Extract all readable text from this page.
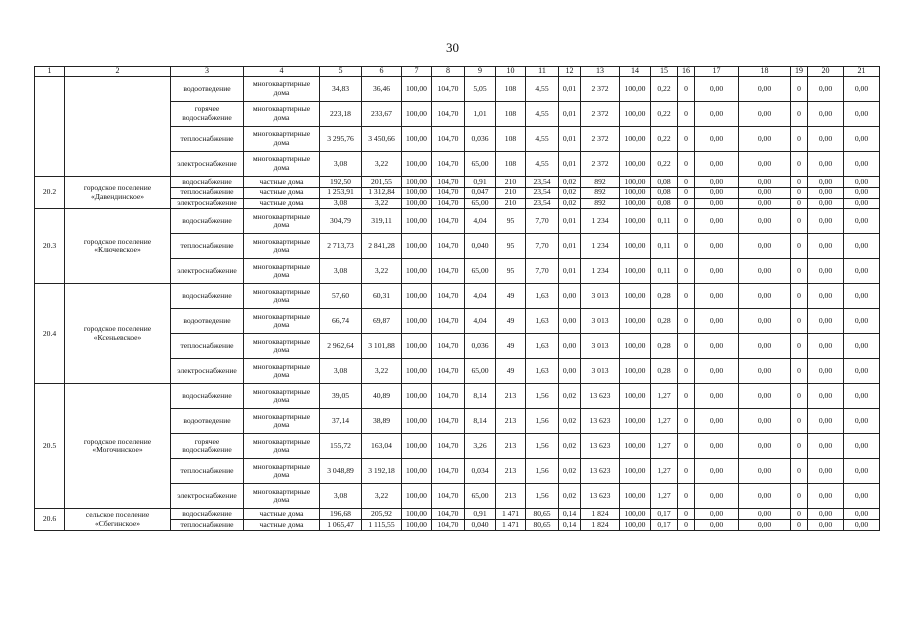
30
1	2	3	4	5	6	7	8	9	10	11	12	13	14	15	16	17	18	19	20	21
		водоотведение	многоквартирные дома	34,83	36,46	100,00	104,70	5,05	108	4,55	0,01	2 372	100,00	0,22	0	0,00	0,00	0	0,00	0,00
		горячее водоснабжение	многоквартирные дома	223,18	233,67	100,00	104,70	1,01	108	4,55	0,01	2 372	100,00	0,22	0	0,00	0,00	0	0,00	0,00
		теплоснабжение	многоквартирные дома	3 295,76	3 450,66	100,00	104,70	0,036	108	4,55	0,01	2 372	100,00	0,22	0	0,00	0,00	0	0,00	0,00
		электроснабжение	многоквартирные дома	3,08	3,22	100,00	104,70	65,00	108	4,55	0,01	2 372	100,00	0,22	0	0,00	0,00	0	0,00	0,00
20.2	городское поселение «Давендинское»	водоснабжение	частные дома	192,50	201,55	100,00	104,70	0,91	210	23,54	0,02	892	100,00	0,08	0	0,00	0,00	0	0,00	0,00
		теплоснабжение	частные дома	1 253,91	1 312,84	100,00	104,70	0,047	210	23,54	0,02	892	100,00	0,08	0	0,00	0,00	0	0,00	0,00
		электроснабжение	частные дома	3,08	3,22	100,00	104,70	65,00	210	23,54	0,02	892	100,00	0,08	0	0,00	0,00	0	0,00	0,00
20.3	городское поселение «Ключевское»	водоснабжение	многоквартирные дома	304,79	319,11	100,00	104,70	4,04	95	7,70	0,01	1 234	100,00	0,11	0	0,00	0,00	0	0,00	0,00
		теплоснабжение	многоквартирные дома	2 713,73	2 841,28	100,00	104,70	0,040	95	7,70	0,01	1 234	100,00	0,11	0	0,00	0,00	0	0,00	0,00
		электроснабжение	многоквартирные дома	3,08	3,22	100,00	104,70	65,00	95	7,70	0,01	1 234	100,00	0,11	0	0,00	0,00	0	0,00	0,00
20.4	городское поселение «Ксеньевское»	водоснабжение	многоквартирные дома	57,60	60,31	100,00	104,70	4,04	49	1,63	0,00	3 013	100,00	0,28	0	0,00	0,00	0	0,00	0,00
		водоотведение	многоквартирные дома	66,74	69,87	100,00	104,70	4,04	49	1,63	0,00	3 013	100,00	0,28	0	0,00	0,00	0	0,00	0,00
		теплоснабжение	многоквартирные дома	2 962,64	3 101,88	100,00	104,70	0,036	49	1,63	0,00	3 013	100,00	0,28	0	0,00	0,00	0	0,00	0,00
		электроснабжение	многоквартирные дома	3,08	3,22	100,00	104,70	65,00	49	1,63	0,00	3 013	100,00	0,28	0	0,00	0,00	0	0,00	0,00
20.5	городское поселение «Могочинское»	водоснабжение	многоквартирные дома	39,05	40,89	100,00	104,70	8,14	213	1,56	0,02	13 623	100,00	1,27	0	0,00	0,00	0	0,00	0,00
		водоотведение	многоквартирные дома	37,14	38,89	100,00	104,70	8,14	213	1,56	0,02	13 623	100,00	1,27	0	0,00	0,00	0	0,00	0,00
		горячее водоснабжение	многоквартирные дома	155,72	163,04	100,00	104,70	3,26	213	1,56	0,02	13 623	100,00	1,27	0	0,00	0,00	0	0,00	0,00
		теплоснабжение	многоквартирные дома	3 048,89	3 192,18	100,00	104,70	0,034	213	1,56	0,02	13 623	100,00	1,27	0	0,00	0,00	0	0,00	0,00
		электроснабжение	многоквартирные дома	3,08	3,22	100,00	104,70	65,00	213	1,56	0,02	13 623	100,00	1,27	0	0,00	0,00	0	0,00	0,00
20.6	сельское поселение «Сбегинское»	водоснабжение	частные дома	196,68	205,92	100,00	104,70	0,91	1 471	80,65	0,14	1 824	100,00	0,17	0	0,00	0,00	0	0,00	0,00
		теплоснабжение	частные дома	1 065,47	1 115,55	100,00	104,70	0,040	1 471	80,65	0,14	1 824	100,00	0,17	0	0,00	0,00	0	0,00	0,00
